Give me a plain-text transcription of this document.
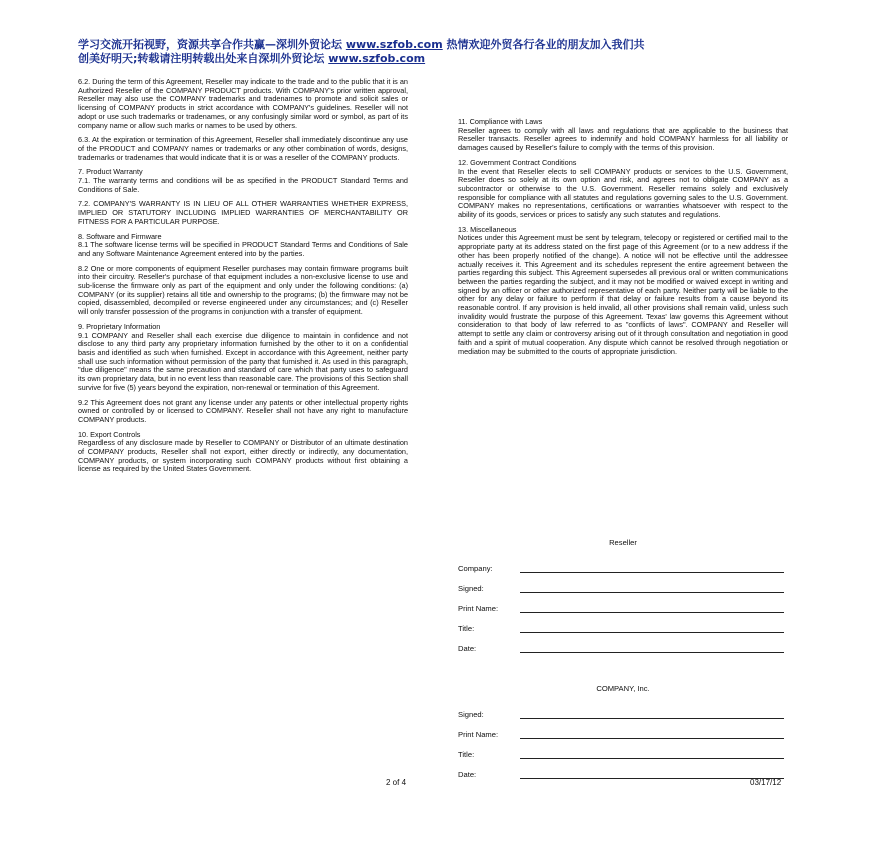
学习交流开拓视野，资源共享合作共赢—深圳外贸论坛 www.szfob.com 热情欢迎外贸各行各业的朋友加入我们共
创美好明天;转载请注明转载出处来自深圳外贸论坛 www.szfob.com

6.2. During the term of this Agreement, Reseller may indicate to the trade and to the public that it is an Authorized Reseller of the COMPANY PRODUCT products. With COMPANY's prior written approval, Reseller may also use the COMPANY trademarks and tradenames to promote and solicit sales or licensing of COMPANY products in strict accordance with COMPANY's guidelines. Reseller will not adopt or use such trademarks or tradenames, or any confusingly similar word or symbol, as part of its company name or allow such marks or names to be used by others.

6.3. At the expiration or termination of this Agreement, Reseller shall immediately discontinue any use of the PRODUCT and COMPANY names or trademarks or any other combination of words, designs, trademarks or tradenames that would indicate that it is or was a reseller of the COMPANY products.

7. Product Warranty

7.1. The warranty terms and conditions will be as specified in the PRODUCT Standard Terms and Conditions of Sale.

7.2. COMPANY'S WARRANTY IS IN LIEU OF ALL OTHER WARRANTIES WHETHER EXPRESS, IMPLIED OR STATUTORY INCLUDING IMPLIED WARRANTIES OF MERCHANTABILITY OR FITNESS FOR A PARTICULAR PURPOSE.

8. Software and Firmware

8.1 The software license terms will be specified in PRODUCT Standard Terms and Conditions of Sale and any Software Maintenance Agreement entered into by the parties.

8.2 One or more components of equipment Reseller purchases may contain firmware programs built into their circuitry. Reseller's purchase of that equipment includes a non-exclusive license to use and sub-license the firmware only as part of the equipment and only under the following conditions: (a) COMPANY (or its supplier) retains all title and ownership to the programs; (b) the firmware may not be copied, disassembled, decompiled or reverse engineered under any circumstances; and (c) Reseller will only transfer possession of the programs in conjunction with a transfer of equipment.

9. Proprietary Information

9.1 COMPANY and Reseller shall each exercise due diligence to maintain in confidence and not disclose to any third party any proprietary information furnished by the other to it on a confidential basis and identified as such when furnished. Except in accordance with this Agreement, neither party shall use such information without permission of the party that furnished it. As used in this paragraph, "due diligence" means the same precaution and standard of care which that party uses to safeguard its own proprietary data, but in no event less than reasonable care. The provisions of this Section shall survive for five (5) years beyond the expiration, non-renewal or termination of this Agreement.

9.2 This Agreement does not grant any license under any patents or other intellectual property rights owned or controlled by or licensed to COMPANY. Reseller shall not have any right to manufacture COMPANY products.

10. Export Controls

Regardless of any disclosure made by Reseller to COMPANY or Distributor of an ultimate destination of COMPANY products, Reseller shall not export, either directly or indirectly, any documentation, COMPANY products, or system incorporating such COMPANY products without first obtaining a license as required by the United States Government.

11. Compliance with Laws

Reseller agrees to comply with all laws and regulations that are applicable to the business that Reseller transacts. Reseller agrees to indemnify and hold COMPANY harmless for all liability or damages caused by Reseller's failure to comply with the terms of this provision.

12. Government Contract Conditions

In the event that Reseller elects to sell COMPANY products or services to the U.S. Government, Reseller does so solely at its own option and risk, and agrees not to obligate COMPANY as a subcontractor or otherwise to the U.S. Government. Reseller remains solely and exclusively responsible for compliance with all statutes and regulations governing sales to the U.S. Government. COMPANY makes no representations, certifications or warranties whatsoever with respect to the ability of its goods, services or prices to satisfy any such statutes and regulations.

13. Miscellaneous

Notices under this Agreement must be sent by telegram, telecopy or registered or certified mail to the appropriate party at its address stated on the first page of this Agreement (or to a new address if the other has been properly notified of the change). A notice will not be effective until the addressee actually receives it. This Agreement and its schedules represent the entire agreement between the parties regarding this subject. This Agreement supersedes all previous oral or written communications between the parties regarding the subject, and it may not be modified or waived except in writing and signed by an officer or other authorized representative of each party. Neither party will be liable to the other for any delay or failure to perform if that delay or failure results from a cause beyond its reasonable control. If any provision is held invalid, all other provisions shall remain valid, unless such invalidity would frustrate the purpose of this Agreement. Texas' law governs this Agreement without consideration to that body of law referred to as "conflicts of laws". COMPANY and Reseller will attempt to settle any claim or controversy arising out of it through consultation and negotiation in good faith and a spirit of mutual cooperation. Any dispute which cannot be resolved through negotiation or mediation may be submitted to the courts of appropriate jurisdiction.

Reseller
Company:
Signed:
Print Name:
Title:
Date:
COMPANY, Inc.
Signed:
Print Name:
Title:
Date:
2 of 4	03/17/12
